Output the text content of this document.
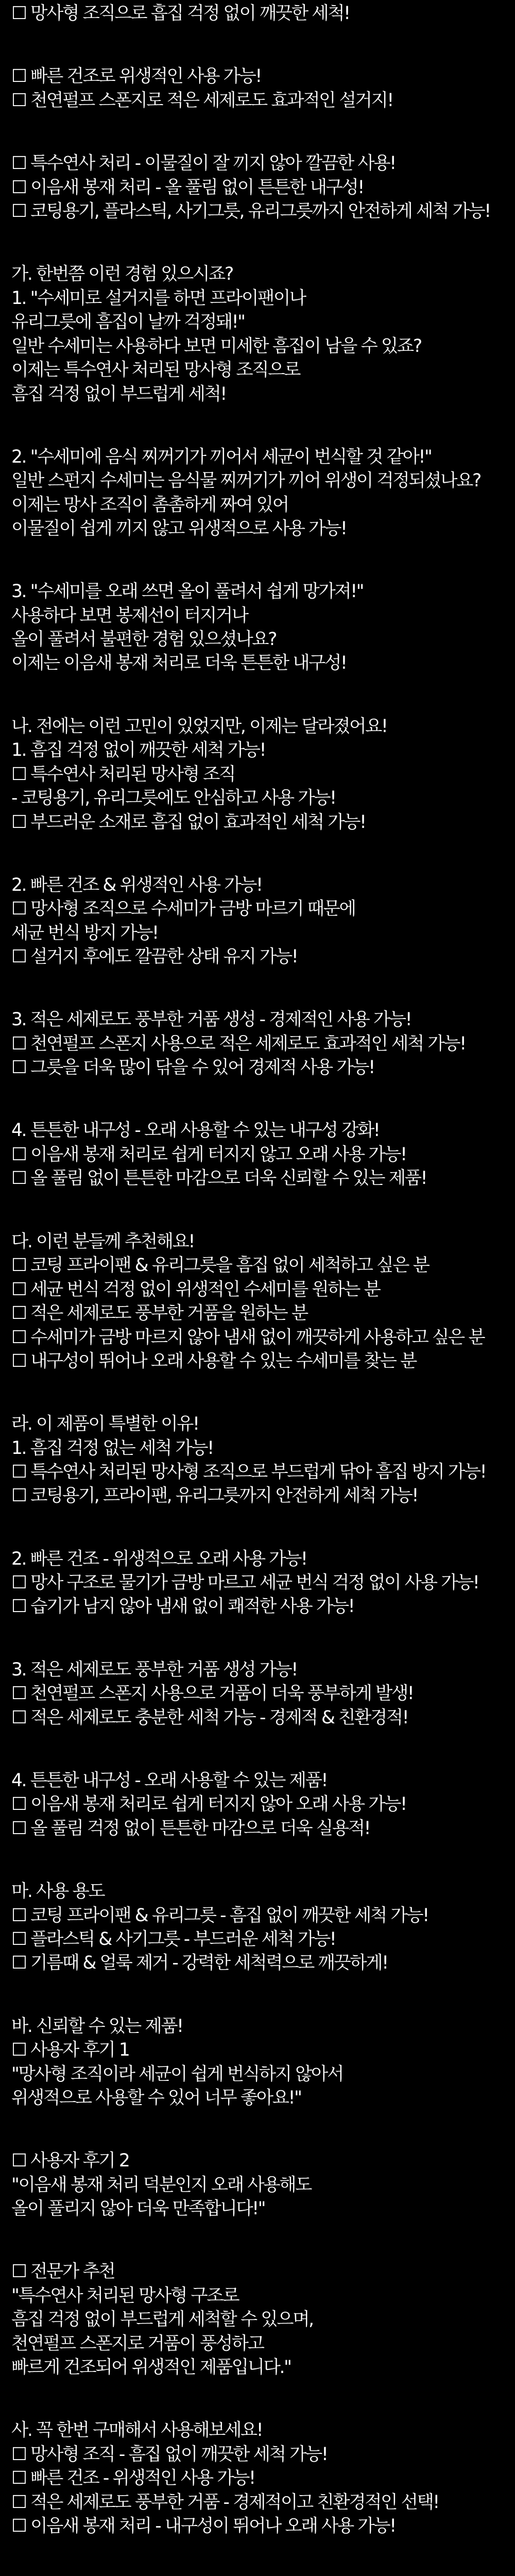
☐ 망사형 조직으로 흡집 걱정 없이 깨끗한 세척!
☐ 빠른 건조로 위생적인 사용 가능!
☐ 천연펄프 스폰지로 적은 세제로도 효과적인 설거지!
☐ 특수연사 처리 - 이물질이 잘 끼지 않아 깔끔한 사용!
☐ 이음새 봉재 처리 - 올 풀림 없이 튼튼한 내구성!
☐ 코팅용기, 플라스틱, 사기그릇, 유리그릇까지 안전하게 세척 가능!
가. 한번쯤 이런 경험 있으시죠?
1. "수세미로 설거지를 하면 프라이팬이나
유리그릇에 흠집이 날까 걱정돼!"
일반 수세미는 사용하다 보면 미세한 흠집이 남을 수 있죠?
이제는 특수연사 처리된 망사형 조직으로
흠집 걱정 없이 부드럽게 세척!
2. "수세미에 음식 찌꺼기가 끼어서 세균이 번식할 것 같아!"
일반 스펀지 수세미는 음식물 찌꺼기가 끼어 위생이 걱정되셨나요?
이제는 망사 조직이 촘촘하게 짜여 있어
이물질이 쉽게 끼지 않고 위생적으로 사용 가능!
3. "수세미를 오래 쓰면 올이 풀려서 쉽게 망가져!"
사용하다 보면 봉제선이 터지거나
올이 풀려서 불편한 경험 있으셨나요?
이제는 이음새 봉재 처리로 더욱 튼튼한 내구성!
나. 전에는 이런 고민이 있었지만, 이제는 달라졌어요!
1. 흠집 걱정 없이 깨끗한 세척 가능!
☐ 특수연사 처리된 망사형 조직
- 코팅용기, 유리그릇에도 안심하고 사용 가능!
☐ 부드러운 소재로 흠집 없이 효과적인 세척 가능!
2. 빠른 건조 & 위생적인 사용 가능!
☐ 망사형 조직으로 수세미가 금방 마르기 때문에
세균 번식 방지 가능!
☐ 설거지 후에도 깔끔한 상태 유지 가능!
3. 적은 세제로도 풍부한 거품 생성 - 경제적인 사용 가능!
☐ 천연펄프 스폰지 사용으로 적은 세제로도 효과적인 세척 가능!
☐ 그릇을 더욱 많이 닦을 수 있어 경제적 사용 가능!
4. 튼튼한 내구성 - 오래 사용할 수 있는 내구성 강화!
☐ 이음새 봉재 처리로 쉽게 터지지 않고 오래 사용 가능!
☐ 올 풀림 없이 튼튼한 마감으로 더욱 신뢰할 수 있는 제품!
다. 이런 분들께 추천해요!
☐ 코팅 프라이팬 & 유리그릇을 흠집 없이 세척하고 싶은 분
☐ 세균 번식 걱정 없이 위생적인 수세미를 원하는 분
☐ 적은 세제로도 풍부한 거품을 원하는 분
☐ 수세미가 금방 마르지 않아 냄새 없이 깨끗하게 사용하고 싶은 분
☐ 내구성이 뛰어나 오래 사용할 수 있는 수세미를 찾는 분
라. 이 제품이 특별한 이유!
1. 흠집 걱정 없는 세척 가능!
☐ 특수연사 처리된 망사형 조직으로 부드럽게 닦아 흠집 방지 가능!
☐ 코팅용기, 프라이팬, 유리그릇까지 안전하게 세척 가능!
2. 빠른 건조 - 위생적으로 오래 사용 가능!
☐ 망사 구조로 물기가 금방 마르고 세균 번식 걱정 없이 사용 가능!
☐ 습기가 남지 않아 냄새 없이 쾌적한 사용 가능!
3. 적은 세제로도 풍부한 거품 생성 가능!
☐ 천연펄프 스폰지 사용으로 거품이 더욱 풍부하게 발생!
☐ 적은 세제로도 충분한 세척 가능 - 경제적 & 친환경적!
4. 튼튼한 내구성 - 오래 사용할 수 있는 제품!
☐ 이음새 봉재 처리로 쉽게 터지지 않아 오래 사용 가능!
☐ 올 풀림 걱정 없이 튼튼한 마감으로 더욱 실용적!
마. 사용 용도
☐ 코팅 프라이팬 & 유리그릇 - 흠집 없이 깨끗한 세척 가능!
☐ 플라스틱 & 사기그릇 - 부드러운 세척 가능!
☐ 기름때 & 얼룩 제거 - 강력한 세척력으로 깨끗하게!
바. 신뢰할 수 있는 제품!
☐ 사용자 후기 1
"망사형 조직이라 세균이 쉽게 번식하지 않아서
위생적으로 사용할 수 있어 너무 좋아요!"
☐ 사용자 후기 2
"이음새 봉재 처리 덕분인지 오래 사용해도
올이 풀리지 않아 더욱 만족합니다!"
☐ 전문가 추천
"특수연사 처리된 망사형 구조로
흠집 걱정 없이 부드럽게 세척할 수 있으며,
천연펄프 스폰지로 거품이 풍성하고
빠르게 건조되어 위생적인 제품입니다."
사. 꼭 한번 구매해서 사용해보세요!
☐ 망사형 조직 - 흠집 없이 깨끗한 세척 가능!
☐ 빠른 건조 - 위생적인 사용 가능!
☐ 적은 세제로도 풍부한 거품 - 경제적이고 친환경적인 선택!
☐ 이음새 봉재 처리 - 내구성이 뛰어나 오래 사용 가능!
